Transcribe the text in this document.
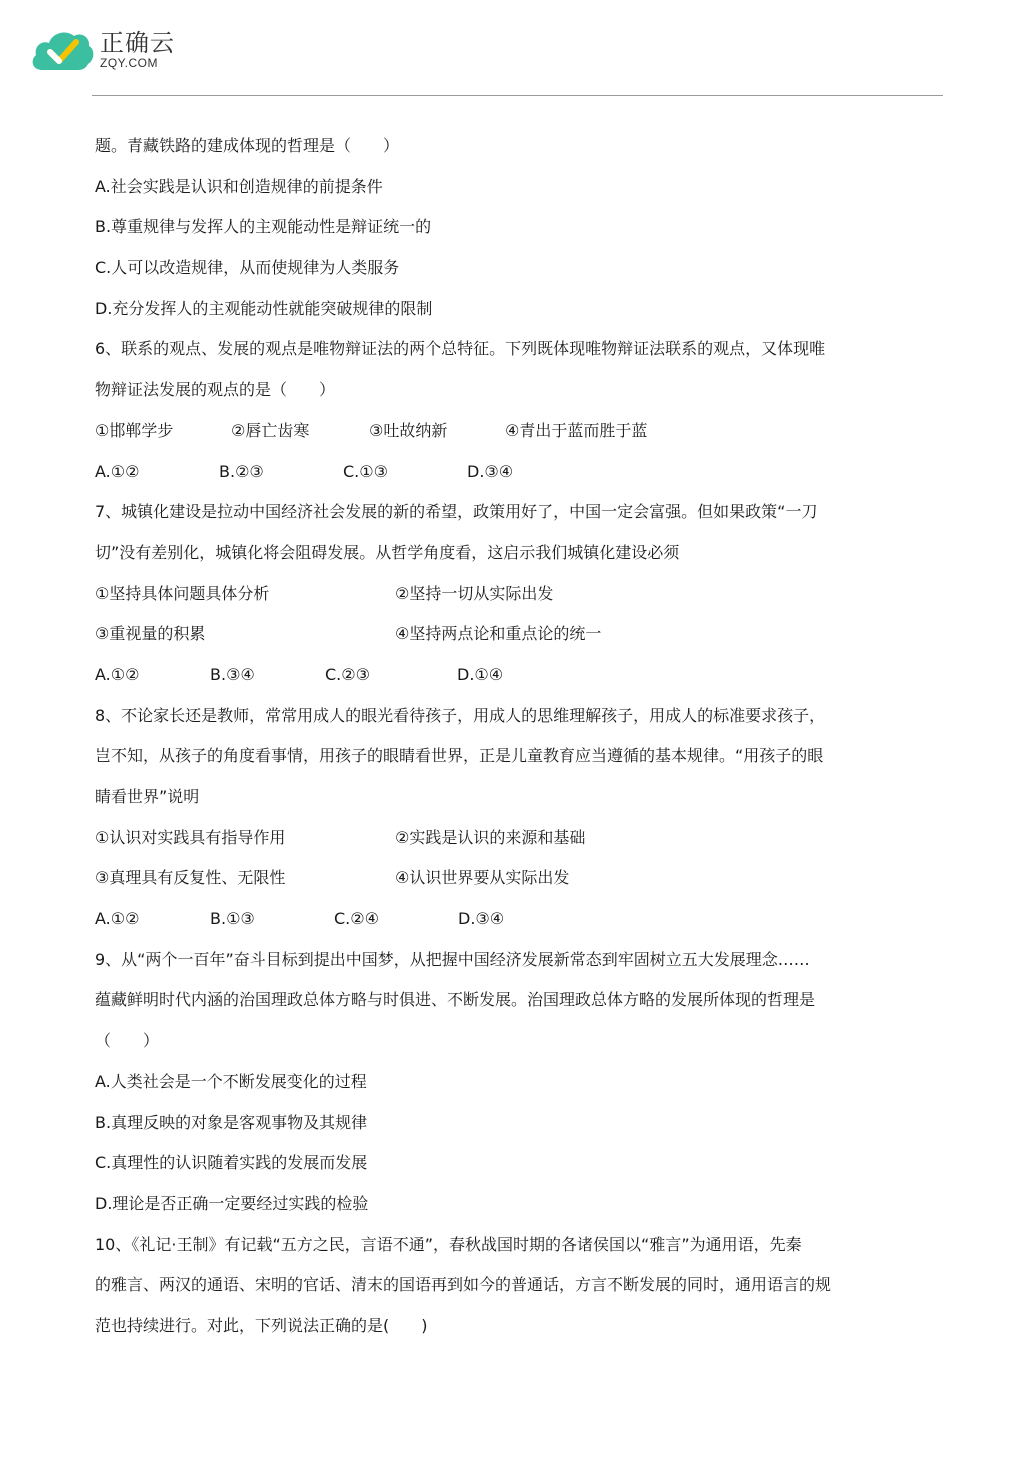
正确云
ZQY.COM
题。青藏铁路的建成体现的哲理是（　　）
A.社会实践是认识和创造规律的前提条件
B.尊重规律与发挥人的主观能动性是辩证统一的
C.人可以改造规律，从而使规律为人类服务
D.充分发挥人的主观能动性就能突破规律的限制
6、联系的观点、发展的观点是唯物辩证法的两个总特征。下列既体现唯物辩证法联系的观点，又体现唯
物辩证法发展的观点的是（　　）
①邯郸学步	②唇亡齿寒	③吐故纳新	④青出于蓝而胜于蓝
A.①②	B.②③	C.①③	D.③④
7、城镇化建设是拉动中国经济社会发展的新的希望，政策用好了，中国一定会富强。但如果政策“一刀
切”没有差别化，城镇化将会阻碍发展。从哲学角度看，这启示我们城镇化建设必须
①坚持具体问题具体分析	②坚持一切从实际出发
③重视量的积累	④坚持两点论和重点论的统一
A.①②	B.③④	C.②③	D.①④
8、不论家长还是教师，常常用成人的眼光看待孩子，用成人的思维理解孩子，用成人的标准要求孩子，
岂不知，从孩子的角度看事情，用孩子的眼睛看世界，正是儿童教育应当遵循的基本规律。“用孩子的眼
睛看世界”说明
①认识对实践具有指导作用	②实践是认识的来源和基础
③真理具有反复性、无限性	④认识世界要从实际出发
A.①②	B.①③	C.②④	D.③④
9、从“两个一百年”奋斗目标到提出中国梦，从把握中国经济发展新常态到牢固树立五大发展理念……
蕴藏鲜明时代内涵的治国理政总体方略与时俱进、不断发展。治国理政总体方略的发展所体现的哲理是
（　　）
A.人类社会是一个不断发展变化的过程
B.真理反映的对象是客观事物及其规律
C.真理性的认识随着实践的发展而发展
D.理论是否正确一定要经过实践的检验
10、《礼记·王制》有记载“五方之民，言语不通”，春秋战国时期的各诸侯国以“雅言”为通用语，先秦
的雅言、两汉的通语、宋明的官话、清末的国语再到如今的普通话，方言不断发展的同时，通用语言的规
范也持续进行。对此，下列说法正确的是(　　)
